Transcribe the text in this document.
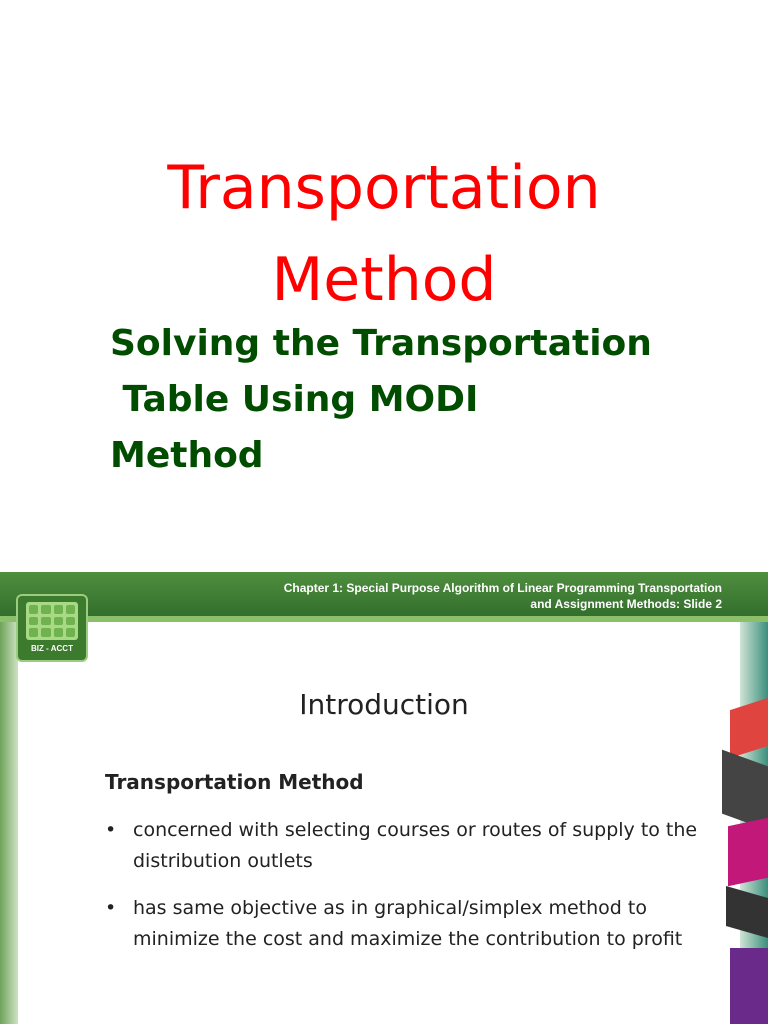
Transportation
Method
Solving the Transportation
Table Using MODI
Method
Chapter 1: Special Purpose Algorithm of Linear Programming Transportation
and Assignment Methods: Slide 2
BIZ - ACCT
Introduction
Transportation Method
• concerned with selecting courses or routes of supply to the distribution outlets
• has same objective as in graphical/simplex method to minimize the cost and maximize the contribution to profit
